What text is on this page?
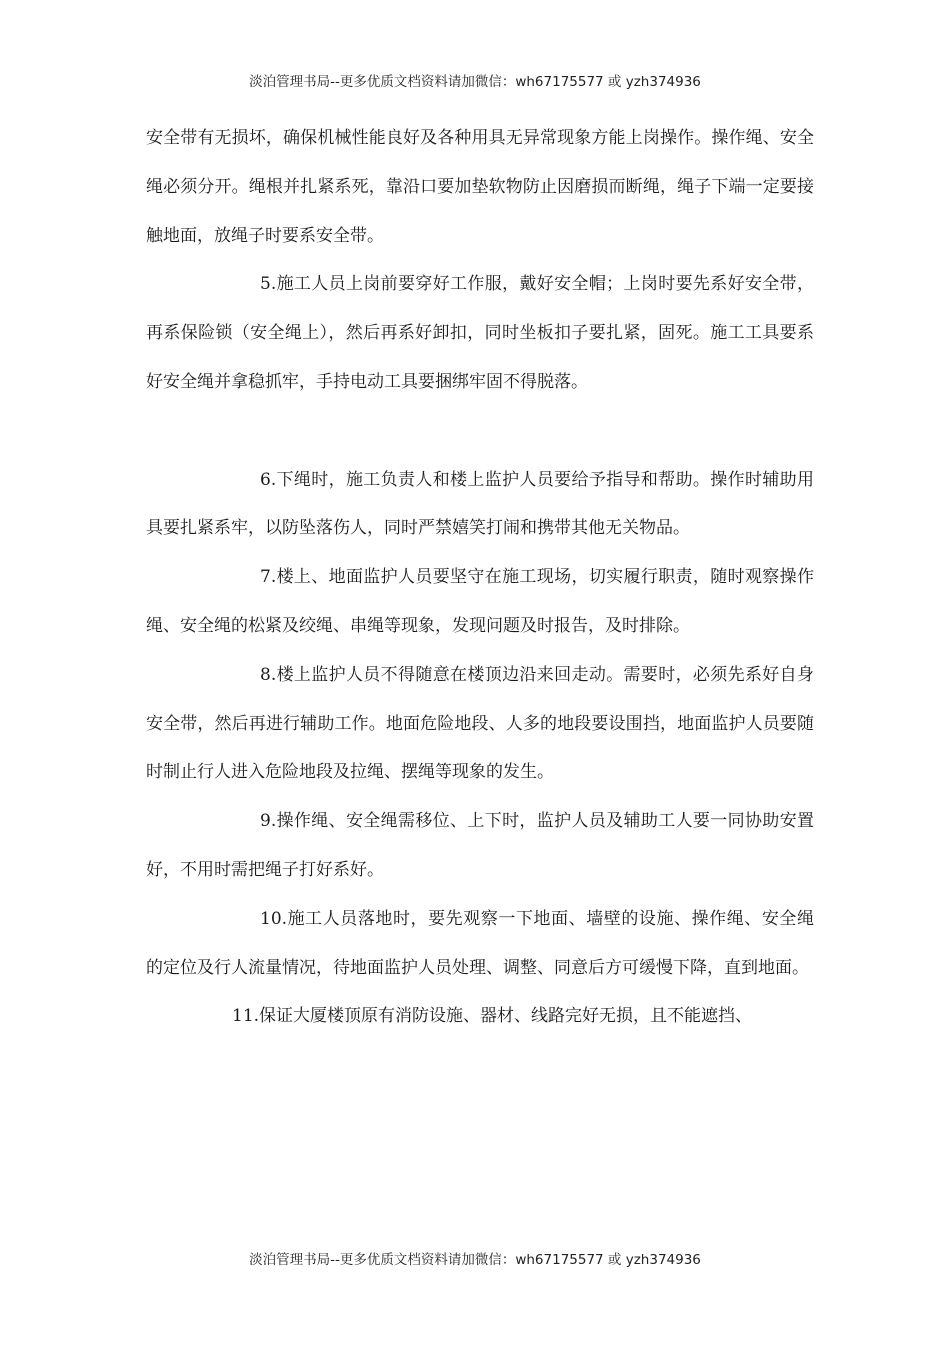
淡泊管理书局--更多优质文档资料请加微信：wh67175577 或 yzh374936

安全带有无损坏，确保机械性能良好及各种用具无异常现象方能上岗操作。操作绳、安全绳必须分开。绳根并扎紧系死，靠沿口要加垫软物防止因磨损而断绳，绳子下端一定要接触地面，放绳子时要系安全带。

5.施工人员上岗前要穿好工作服，戴好安全帽；上岗时要先系好安全带，再系保险锁（安全绳上），然后再系好卸扣，同时坐板扣子要扎紧，固死。施工工具要系好安全绳并拿稳抓牢，手持电动工具要捆绑牢固不得脱落。

6.下绳时，施工负责人和楼上监护人员要给予指导和帮助。操作时辅助用具要扎紧系牢，以防坠落伤人，同时严禁嬉笑打闹和携带其他无关物品。

7.楼上、地面监护人员要坚守在施工现场，切实履行职责，随时观察操作绳、安全绳的松紧及绞绳、串绳等现象，发现问题及时报告，及时排除。

8.楼上监护人员不得随意在楼顶边沿来回走动。需要时，必须先系好自身安全带，然后再进行辅助工作。地面危险地段、人多的地段要设围挡，地面监护人员要随时制止行人进入危险地段及拉绳、摆绳等现象的发生。

9.操作绳、安全绳需移位、上下时，监护人员及辅助工人要一同协助安置好，不用时需把绳子打好系好。

10.施工人员落地时，要先观察一下地面、墙壁的设施、操作绳、安全绳的定位及行人流量情况，待地面监护人员处理、调整、同意后方可缓慢下降，直到地面。

11.保证大厦楼顶原有消防设施、器材、线路完好无损，且不能遮挡、

淡泊管理书局--更多优质文档资料请加微信：wh67175577 或 yzh374936
